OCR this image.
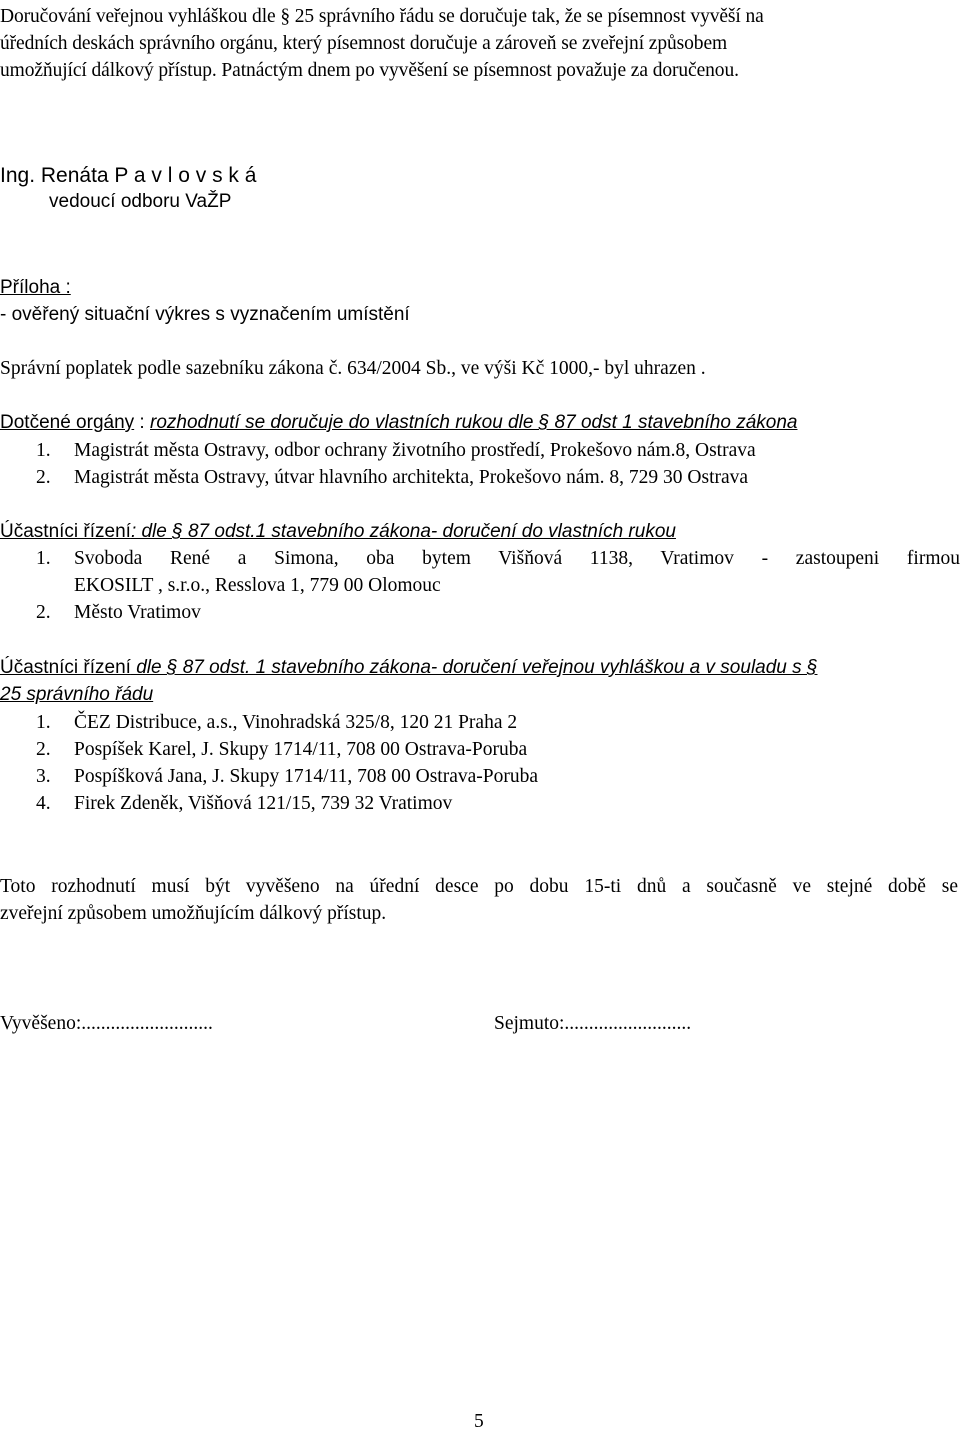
Doručování veřejnou vyhláškou dle § 25 správního řádu se doručuje tak, že se písemnost vyvěší na
úředních deskách správního orgánu, který písemnost doručuje a zároveň se zveřejní způsobem
umožňující dálkový přístup. Patnáctým dnem po vyvěšení se písemnost považuje za doručenou.
Ing. Renáta P a v l o v s k á
vedoucí odboru VaŽP
Příloha :
- ověřený situační výkres s vyznačením umístění
Správní poplatek podle sazebníku zákona č. 634/2004 Sb., ve výši Kč 1000,- byl uhrazen .
Dotčené orgány : rozhodnutí se doručuje do vlastních rukou dle § 87 odst 1 stavebního zákona
1. Magistrát města Ostravy, odbor ochrany životního prostředí, Prokešovo nám.8, Ostrava
2. Magistrát města Ostravy, útvar hlavního architekta, Prokešovo nám. 8, 729 30 Ostrava
Účastníci řízení: dle § 87 odst.1 stavebního zákona- doručení do vlastních rukou
1. Svoboda René a Simona, oba bytem Višňová 1138, Vratimov - zastoupeni firmou
EKOSILT , s.r.o., Resslova 1, 779 00 Olomouc
2. Město Vratimov
Účastníci řízení dle § 87 odst. 1 stavebního zákona- doručení veřejnou vyhláškou a v souladu s §
25 správního řádu
1. ČEZ Distribuce, a.s., Vinohradská 325/8, 120 21 Praha 2
2. Pospíšek Karel, J. Skupy 1714/11, 708 00 Ostrava-Poruba
3. Pospíšková Jana, J. Skupy 1714/11, 708 00 Ostrava-Poruba
4. Firek Zdeněk, Višňová 121/15, 739 32 Vratimov
Toto rozhodnutí musí být vyvěšeno na úřední desce po dobu 15-ti dnů a současně ve stejné době se
zveřejní způsobem umožňujícím dálkový přístup.
Vyvěšeno:...........................	Sejmuto:..........................
5
